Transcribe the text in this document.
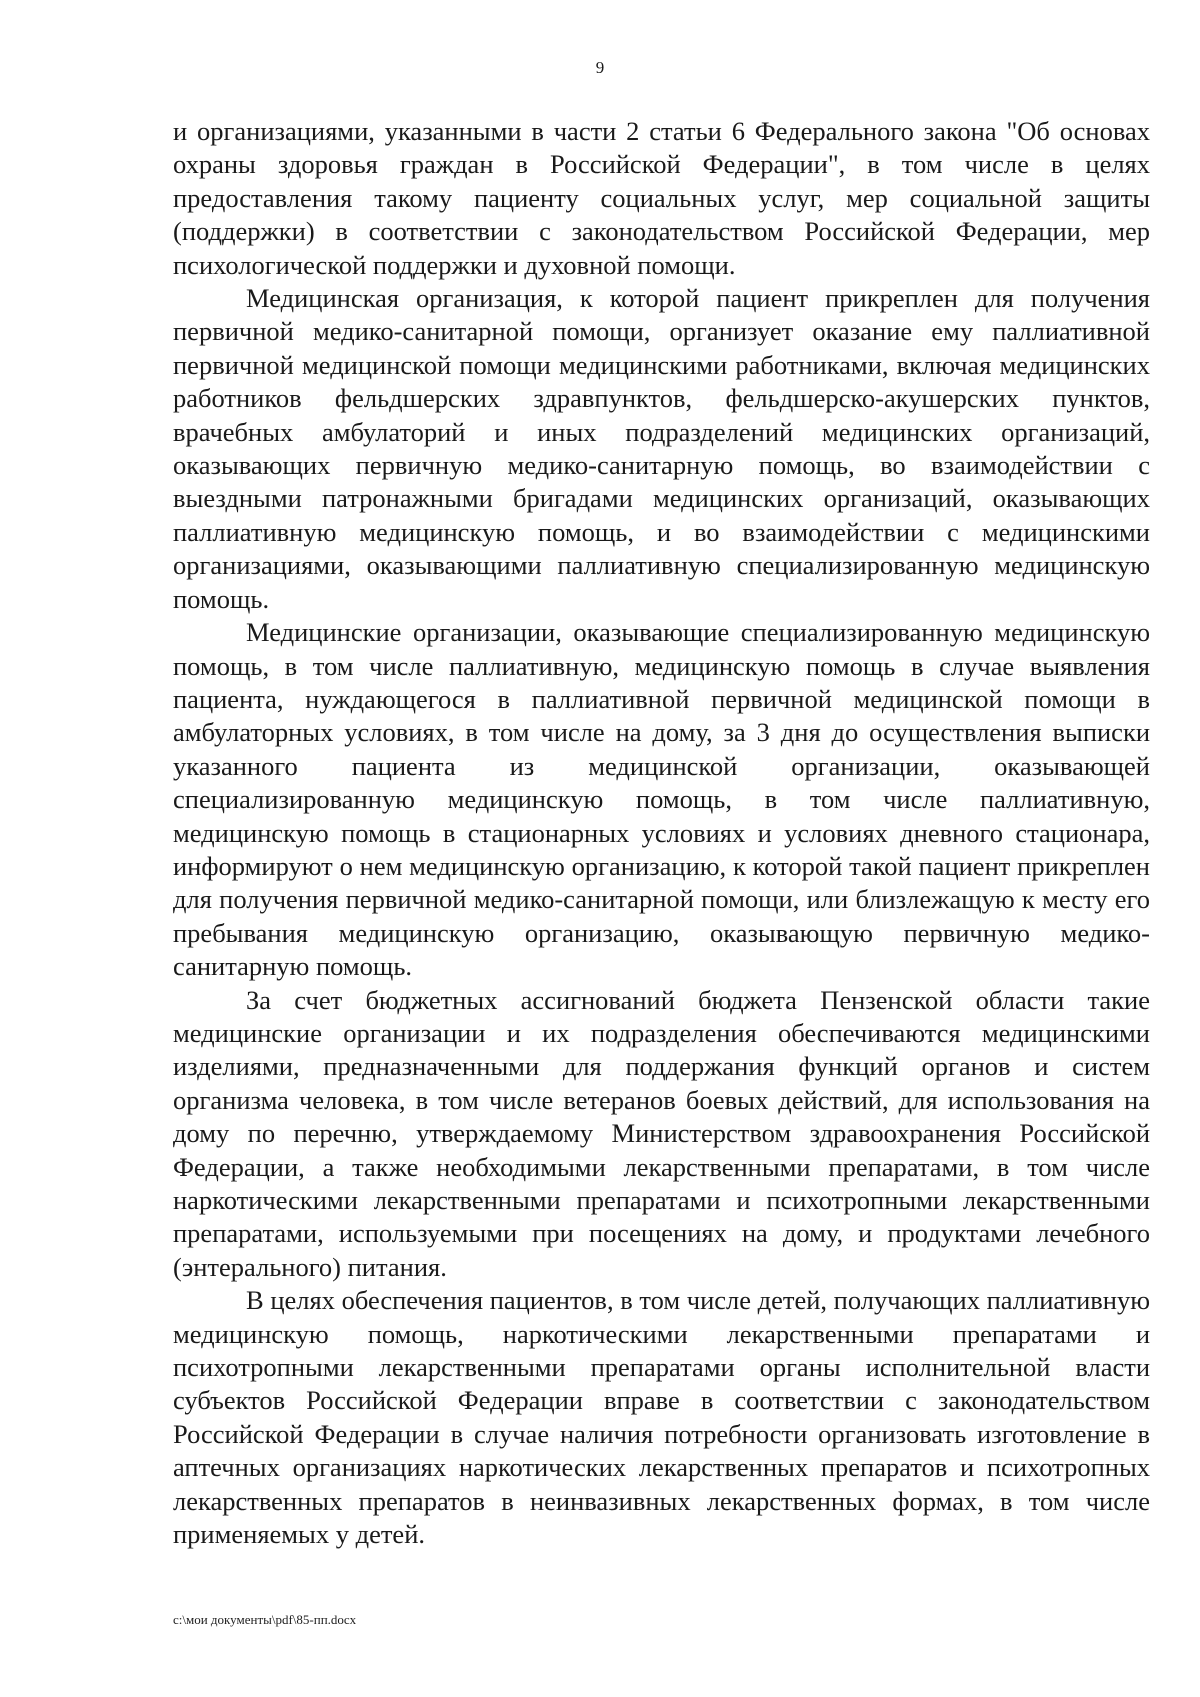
9

и организациями, указанными в части 2 статьи 6 Федерального закона "Об основах охраны здоровья граждан в Российской Федерации", в том числе в целях предоставления такому пациенту социальных услуг, мер социальной защиты (поддержки) в соответствии с законодательством Российской Федерации, мер психологической поддержки и духовной помощи.

Медицинская организация, к которой пациент прикреплен для получения первичной медико-санитарной помощи, организует оказание ему паллиативной первичной медицинской помощи медицинскими работниками, включая медицинских работников фельдшерских здравпунктов, фельдшерско-акушерских пунктов, врачебных амбулаторий и иных подразделений медицинских организаций, оказывающих первичную медико-санитарную помощь, во взаимодействии с выездными патронажными бригадами медицинских организаций, оказывающих паллиативную медицинскую помощь, и во взаимодействии с медицинскими организациями, оказывающими паллиативную специализированную медицинскую помощь.

Медицинские организации, оказывающие специализированную медицинскую помощь, в том числе паллиативную, медицинскую помощь в случае выявления пациента, нуждающегося в паллиативной первичной медицинской помощи в амбулаторных условиях, в том числе на дому, за 3 дня до осуществления выписки указанного пациента из медицинской организации, оказывающей специализированную медицинскую помощь, в том числе паллиативную, медицинскую помощь в стационарных условиях и условиях дневного стационара, информируют о нем медицинскую организацию, к которой такой пациент прикреплен для получения первичной медико-санитарной помощи, или близлежащую к месту его пребывания медицинскую организацию, оказывающую первичную медико-санитарную помощь.

За счет бюджетных ассигнований бюджета Пензенской области такие медицинские организации и их подразделения обеспечиваются медицинскими изделиями, предназначенными для поддержания функций органов и систем организма человека, в том числе ветеранов боевых действий, для использования на дому по перечню, утверждаемому Министерством здравоохранения Российской Федерации, а также необходимыми лекарственными препаратами, в том числе наркотическими лекарственными препаратами и психотропными лекарственными препаратами, используемыми при посещениях на дому, и продуктами лечебного (энтерального) питания.

В целях обеспечения пациентов, в том числе детей, получающих паллиативную медицинскую помощь, наркотическими лекарственными препаратами и психотропными лекарственными препаратами органы исполнительной власти субъектов Российской Федерации вправе в соответствии с законодательством Российской Федерации в случае наличия потребности организовать изготовление в аптечных организациях наркотических лекарственных препаратов и психотропных лекарственных препаратов в неинвазивных лекарственных формах, в том числе применяемых у детей.

c:\мои документы\pdf\85-пп.docx
